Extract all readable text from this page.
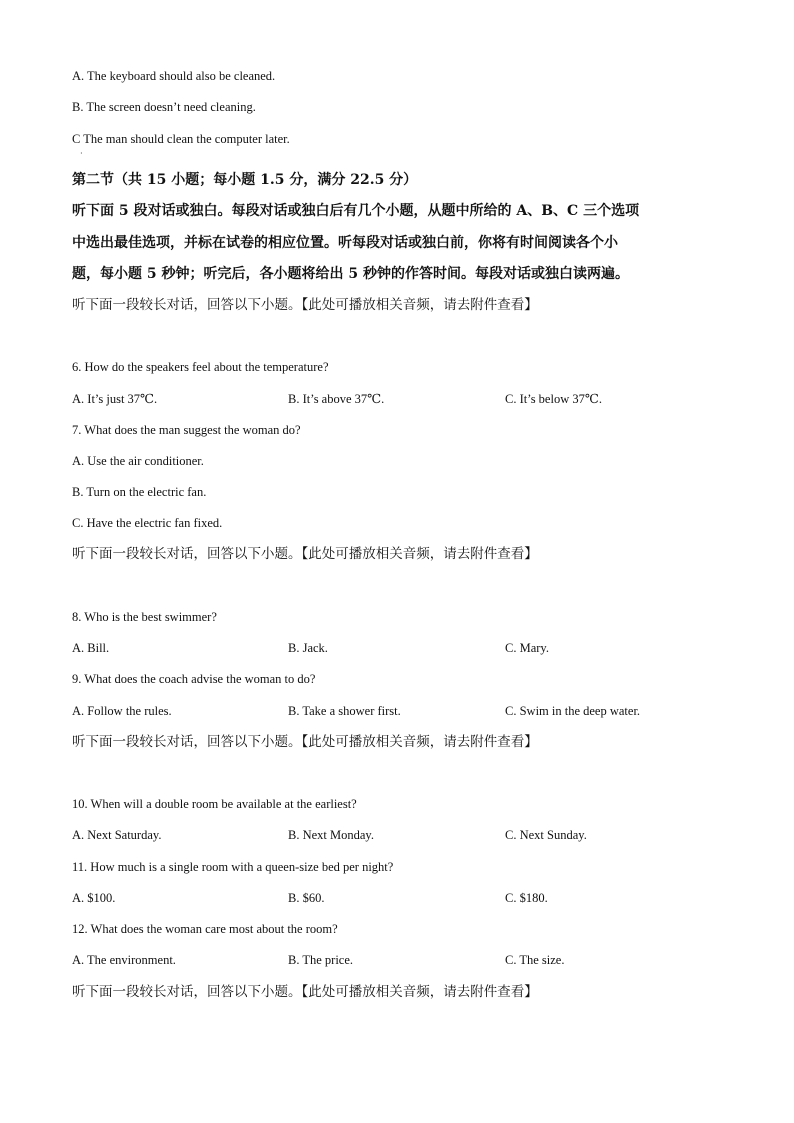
A. The keyboard should also be cleaned.
B. The screen doesn’t need cleaning.
C The man should clean the computer later.
·
第二节（共 15 小题；每小题 1.5 分，满分 22.5 分）
听下面 5 段对话或独白。每段对话或独白后有几个小题，从题中所给的 A、B、C 三个选项
中选出最佳选项，并标在试卷的相应位置。听每段对话或独白前，你将有时间阅读各个小
题，每小题 5 秒钟；听完后，各小题将给出 5 秒钟的作答时间。每段对话或独白读两遍。
听下面一段较长对话，回答以下小题。【此处可播放相关音频，请去附件查看】
6. How do the speakers feel about the temperature?
A. It’s just 37℃.	B. It’s above 37℃.	C. It’s below 37℃.
7. What does the man suggest the woman do?
A. Use the air conditioner.
B. Turn on the electric fan.
C. Have the electric fan fixed.
听下面一段较长对话，回答以下小题。【此处可播放相关音频，请去附件查看】
8. Who is the best swimmer?
A. Bill.	B. Jack.	C. Mary.
9. What does the coach advise the woman to do?
A. Follow the rules.	B. Take a shower first.	C. Swim in the deep water.
听下面一段较长对话，回答以下小题。【此处可播放相关音频，请去附件查看】
10. When will a double room be available at the earliest?
A. Next Saturday.	B. Next Monday.	C. Next Sunday.
11. How much is a single room with a queen-size bed per night?
A. $100.	B. $60.	C. $180.
12. What does the woman care most about the room?
A. The environment.	B. The price.	C. The size.
听下面一段较长对话，回答以下小题。【此处可播放相关音频，请去附件查看】
